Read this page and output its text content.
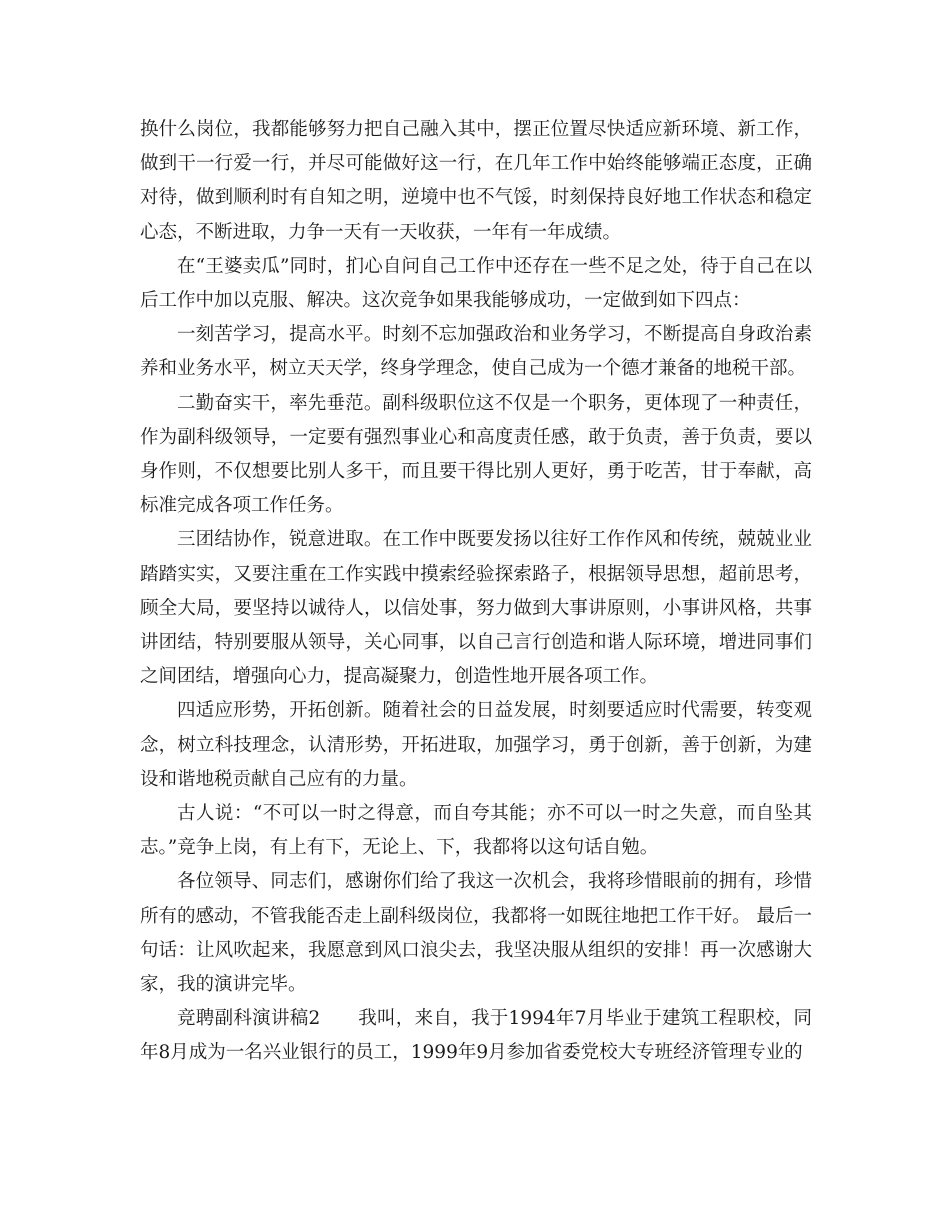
换什么岗位，我都能够努力把自己融入其中，摆正位置尽快适应新环境、新工作，做到干一行爱一行，并尽可能做好这一行，在几年工作中始终能够端正态度，正确对待，做到顺利时有自知之明，逆境中也不气馁，时刻保持良好地工作状态和稳定心态，不断进取，力争一天有一天收获，一年有一年成绩。

在“王婆卖瓜”同时，扪心自问自己工作中还存在一些不足之处，待于自己在以后工作中加以克服、解决。这次竞争如果我能够成功，一定做到如下四点：

一刻苦学习，提高水平。时刻不忘加强政治和业务学习，不断提高自身政治素养和业务水平，树立天天学，终身学理念，使自己成为一个德才兼备的地税干部。

二勤奋实干，率先垂范。副科级职位这不仅是一个职务，更体现了一种责任，作为副科级领导，一定要有强烈事业心和高度责任感，敢于负责，善于负责，要以身作则，不仅想要比别人多干，而且要干得比别人更好，勇于吃苦，甘于奉献，高标准完成各项工作任务。

三团结协作，锐意进取。在工作中既要发扬以往好工作作风和传统，兢兢业业踏踏实实，又要注重在工作实践中摸索经验探索路子，根据领导思想，超前思考，顾全大局，要坚持以诚待人，以信处事，努力做到大事讲原则，小事讲风格，共事讲团结，特别要服从领导，关心同事，以自己言行创造和谐人际环境，增进同事们之间团结，增强向心力，提高凝聚力，创造性地开展各项工作。

四适应形势，开拓创新。随着社会的日益发展，时刻要适应时代需要，转变观念，树立科技理念，认清形势，开拓进取，加强学习，勇于创新，善于创新，为建设和谐地税贡献自己应有的力量。

古人说：“不可以一时之得意，而自夸其能；亦不可以一时之失意，而自坠其志。”竞争上岗，有上有下，无论上、下，我都将以这句话自勉。

各位领导、同志们，感谢你们给了我这一次机会，我将珍惜眼前的拥有，珍惜所有的感动，不管我能否走上副科级岗位，我都将一如既往地把工作干好。 最后一句话：让风吹起来，我愿意到风口浪尖去，我坚决服从组织的安排！再一次感谢大家，我的演讲完毕。

竞聘副科演讲稿2　　我叫，来自，我于1994年7月毕业于建筑工程职校，同年8月成为一名兴业银行的员工，1999年9月参加省委党校大专班经济管理专业的
